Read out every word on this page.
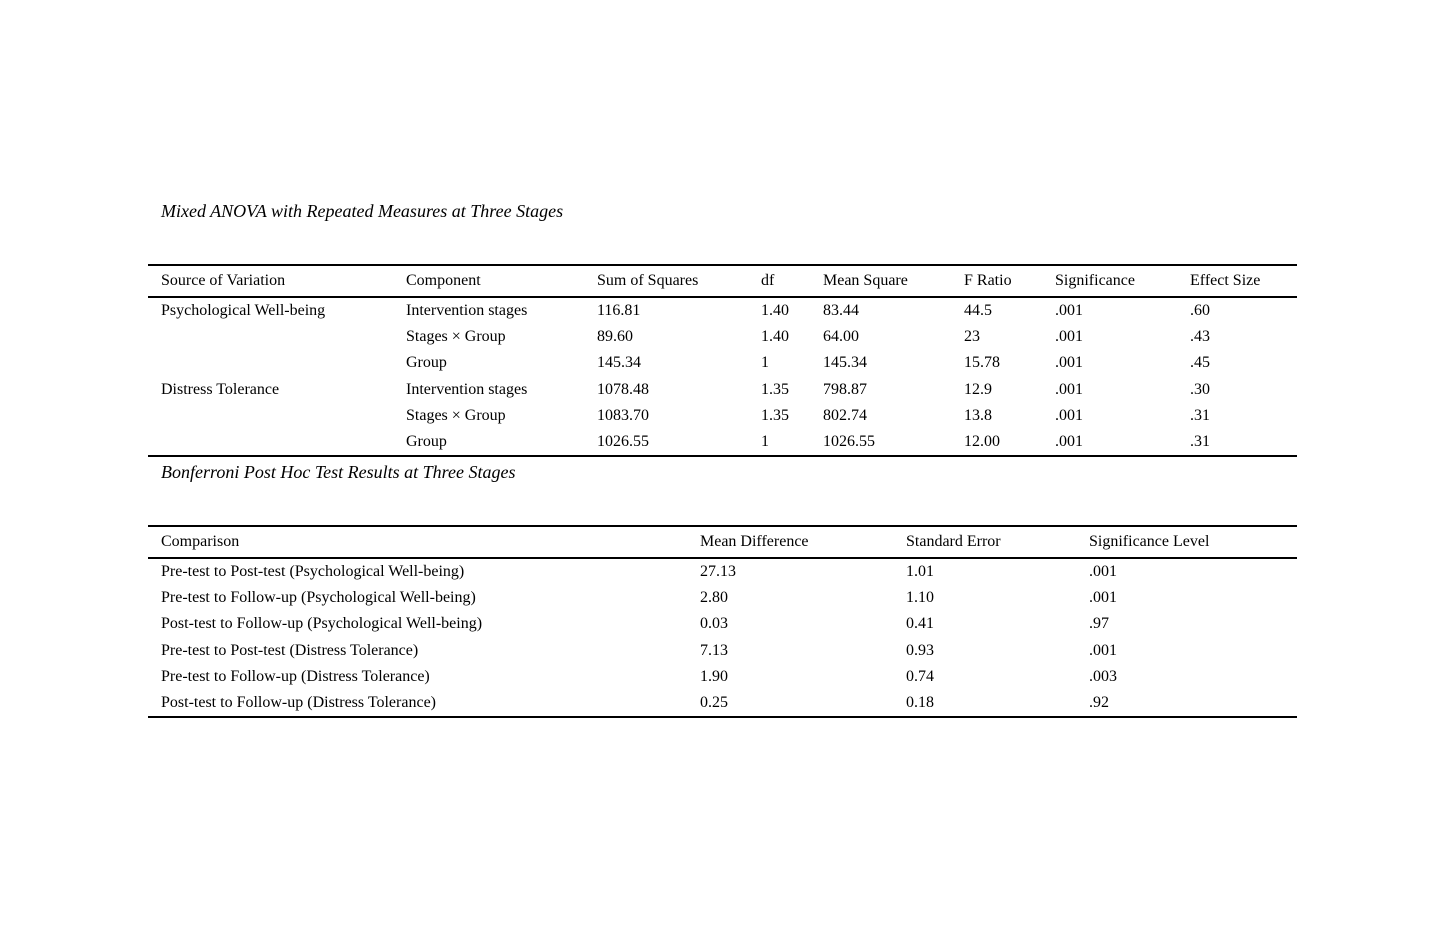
Mixed ANOVA with Repeated Measures at Three Stages
Source of Variation	Component	Sum of Squares	df	Mean Square	F Ratio	Significance	Effect Size
Psychological Well-being	Intervention stages	116.81	1.40	83.44	44.5	.001	.60
	Stages × Group	89.60	1.40	64.00	23	.001	.43
	Group	145.34	1	145.34	15.78	.001	.45
Distress Tolerance	Intervention stages	1078.48	1.35	798.87	12.9	.001	.30
	Stages × Group	1083.70	1.35	802.74	13.8	.001	.31
	Group	1026.55	1	1026.55	12.00	.001	.31
Bonferroni Post Hoc Test Results at Three Stages
Comparison	Mean Difference	Standard Error	Significance Level
Pre-test to Post-test (Psychological Well-being)	27.13	1.01	.001
Pre-test to Follow-up (Psychological Well-being)	2.80	1.10	.001
Post-test to Follow-up (Psychological Well-being)	0.03	0.41	.97
Pre-test to Post-test (Distress Tolerance)	7.13	0.93	.001
Pre-test to Follow-up (Distress Tolerance)	1.90	0.74	.003
Post-test to Follow-up (Distress Tolerance)	0.25	0.18	.92
